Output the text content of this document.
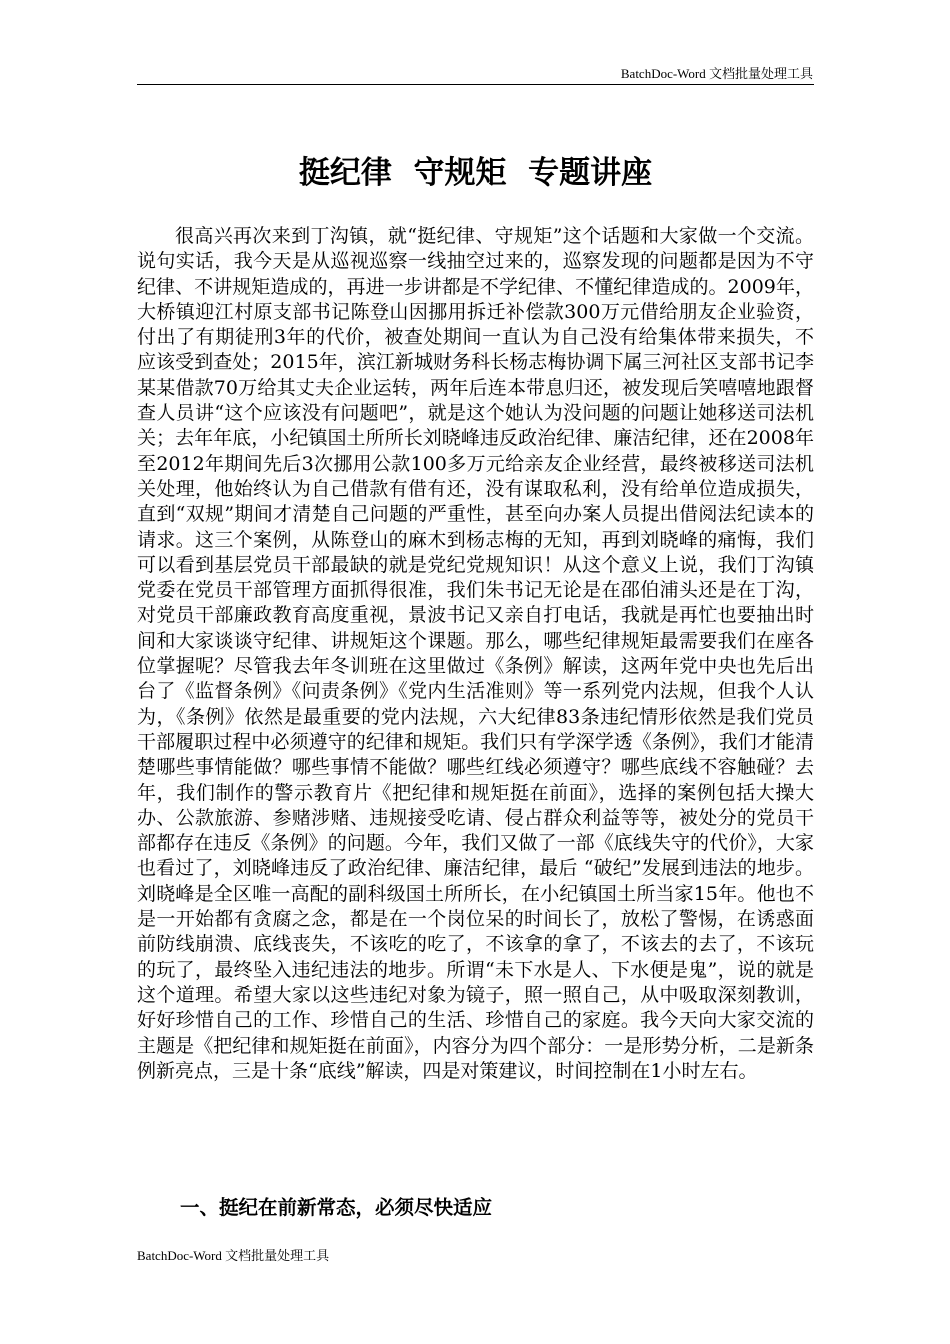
BatchDoc-Word 文档批量处理工具
挺纪律  守规矩  专题讲座

很高兴再次来到丁沟镇，就“挺纪律、守规矩”这个话题和大家做一个交流。说句实话，我今天是从巡视巡察一线抽空过来的，巡察发现的问题都是因为不守纪律、不讲规矩造成的，再进一步讲都是不学纪律、不懂纪律造成的。2009年，大桥镇迎江村原支部书记陈登山因挪用拆迁补偿款300万元借给朋友企业验资，付出了有期徒刑3年的代价，被查处期间一直认为自己没有给集体带来损失，不应该受到查处；2015年，滨江新城财务科长杨志梅协调下属三河社区支部书记李某某借款70万给其丈夫企业运转，两年后连本带息归还，被发现后笑嘻嘻地跟督查人员讲“这个应该没有问题吧”，就是这个她认为没问题的问题让她移送司法机关；去年年底，小纪镇国土所所长刘晓峰违反政治纪律、廉洁纪律，还在2008年至2012年期间先后3次挪用公款100多万元给亲友企业经营，最终被移送司法机关处理，他始终认为自己借款有借有还，没有谋取私利，没有给单位造成损失，直到“双规”期间才清楚自己问题的严重性，甚至向办案人员提出借阅法纪读本的请求。这三个案例，从陈登山的麻木到杨志梅的无知，再到刘晓峰的痛悔，我们可以看到基层党员干部最缺的就是党纪党规知识！从这个意义上说，我们丁沟镇党委在党员干部管理方面抓得很准，我们朱书记无论是在邵伯浦头还是在丁沟，对党员干部廉政教育高度重视，景波书记又亲自打电话，我就是再忙也要抽出时间和大家谈谈守纪律、讲规矩这个课题。那么，哪些纪律规矩最需要我们在座各位掌握呢？尽管我去年冬训班在这里做过《条例》解读，这两年党中央也先后出台了《监督条例》《问责条例》《党内生活准则》等一系列党内法规，但我个人认为，《条例》依然是最重要的党内法规，六大纪律83条违纪情形依然是我们党员干部履职过程中必须遵守的纪律和规矩。我们只有学深学透《条例》，我们才能清楚哪些事情能做？哪些事情不能做？哪些红线必须遵守？哪些底线不容触碰？去年，我们制作的警示教育片《把纪律和规矩挺在前面》，选择的案例包括大操大办、公款旅游、参赌涉赌、违规接受吃请、侵占群众利益等等，被处分的党员干部都存在违反《条例》的问题。今年，我们又做了一部《底线失守的代价》，大家也看过了，刘晓峰违反了政治纪律、廉洁纪律，最后 “破纪”发展到违法的地步。刘晓峰是全区唯一高配的副科级国土所所长，在小纪镇国土所当家15年。他也不是一开始都有贪腐之念，都是在一个岗位呆的时间长了，放松了警惕，在诱惑面前防线崩溃、底线丧失，不该吃的吃了，不该拿的拿了，不该去的去了，不该玩的玩了，最终坠入违纪违法的地步。所谓“未下水是人、下水便是鬼”，说的就是这个道理。希望大家以这些违纪对象为镜子，照一照自己，从中吸取深刻教训，好好珍惜自己的工作、珍惜自己的生活、珍惜自己的家庭。我今天向大家交流的主题是《把纪律和规矩挺在前面》，内容分为四个部分：一是形势分析，二是新条例新亮点，三是十条“底线”解读，四是对策建议，时间控制在1小时左右。

一、挺纪在前新常态，必须尽快适应
BatchDoc-Word 文档批量处理工具
